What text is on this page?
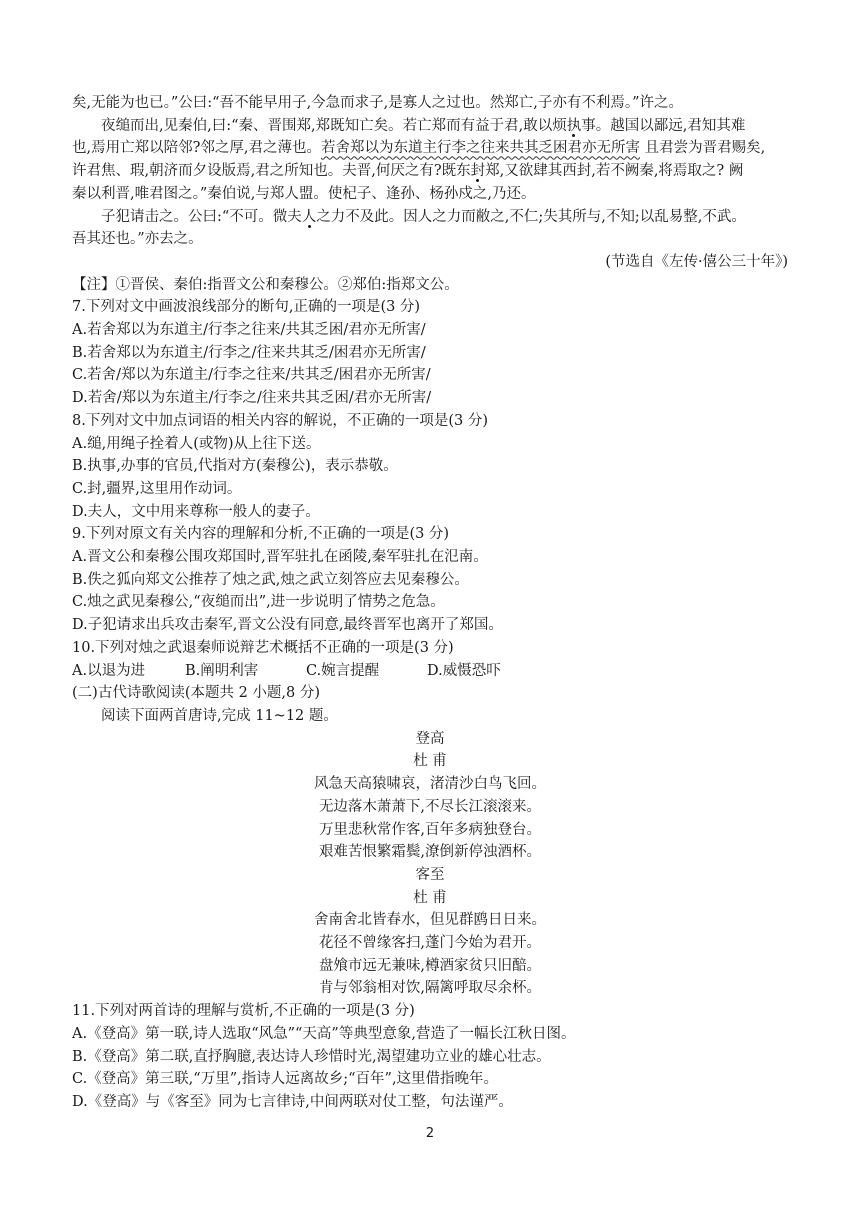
矣,无能为也已。”公曰:“吾不能早用子,今急而求子,是寡人之过也。然郑亡,子亦有不利焉。”许之。
夜缒而出,见秦伯,曰:“秦、晋围郑,郑既知亡矣。若亡郑而有益于君,敢以烦执事。越国以鄙远,君知其难
也,焉用亡郑以陪邻?邻之厚,君之薄也。若舍郑以为东道主行李之往来共其乏困君亦无所害 且君尝为晋君赐矣,
许君焦、瑕,朝济而夕设版焉,君之所知也。夫晋,何厌之有?既东封郑,又欲肆其西封,若不阙秦,将焉取之? 阙
秦以利晋,唯君图之。”秦伯说,与郑人盟。使杞子、逢孙、杨孙戍之,乃还。
子犯请击之。公曰:“不可。微夫人之力不及此。因人之力而敝之,不仁;失其所与,不知;以乱易整,不武。
吾其还也。”亦去之。
(节选自《左传·僖公三十年》)
【注】①晋侯、秦伯:指晋文公和秦穆公。②郑伯:指郑文公。
7.下列对文中画波浪线部分的断句,正确的一项是(3 分)
A.若舍郑以为东道主/行李之往来/共其乏困/君亦无所害/
B.若舍郑以为东道主/行李之/往来共其乏/困君亦无所害/
C.若舍/郑以为东道主/行李之往来/共其乏/困君亦无所害/
D.若舍/郑以为东道主/行李之/往来共其乏困/君亦无所害/
8.下列对文中加点词语的相关内容的解说，不正确的一项是(3 分)
A.缒,用绳子拴着人(或物)从上往下送。
B.执事,办事的官员,代指对方(秦穆公)，表示恭敬。
C.封,疆界,这里用作动词。
D.夫人，文中用来尊称一般人的妻子。
9.下列对原文有关内容的理解和分析,不正确的一项是(3 分)
A.晋文公和秦穆公围攻郑国时,晋军驻扎在函陵,秦军驻扎在氾南。
B.佚之狐向郑文公推荐了烛之武,烛之武立刻答应去见秦穆公。
C.烛之武见秦穆公,“夜缒而出”,进一步说明了情势之危急。
D.子犯请求出兵攻击秦军,晋文公没有同意,最终晋军也离开了郑国。
10.下列对烛之武退秦师说辩艺术概括不正确的一项是(3 分)
A.以退为进	B.阐明利害	C.婉言提醒	D.威慑恐吓
(二)古代诗歌阅读(本题共 2 小题,8 分)
阅读下面两首唐诗,完成 11~12 题。
登高
杜 甫
风急天高猿啸哀，渚清沙白鸟飞回。
无边落木萧萧下,不尽长江滚滚来。
万里悲秋常作客,百年多病独登台。
艰难苦恨繁霜鬓,潦倒新停浊酒杯。
客至
杜 甫
舍南舍北皆春水，但见群鸥日日来。
花径不曾缘客扫,蓬门今始为君开。
盘飧市远无兼味,樽酒家贫只旧醅。
肯与邻翁相对饮,隔篱呼取尽余杯。
11.下列对两首诗的理解与赏析,不正确的一项是(3 分)
A.《登高》第一联,诗人选取“风急”“天高”等典型意象,营造了一幅长江秋日图。
B.《登高》第二联,直抒胸臆,表达诗人珍惜时光,渴望建功立业的雄心壮志。
C.《登高》第三联,“万里”,指诗人远离故乡;“百年”,这里借指晚年。
D.《登高》与《客至》同为七言律诗,中间两联对仗工整，句法谨严。
2
